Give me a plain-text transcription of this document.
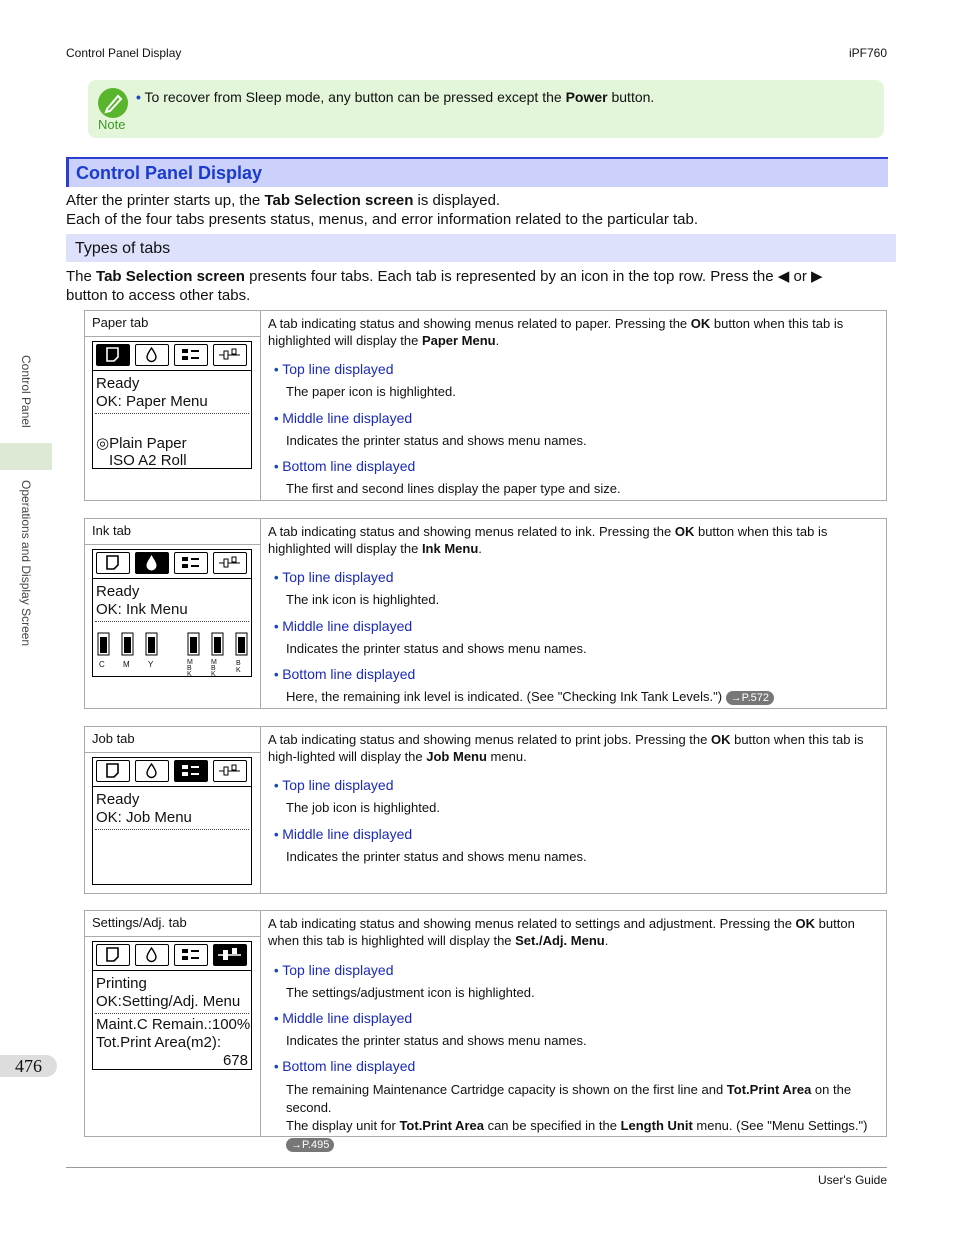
Control Panel Display	iPF760
Note
• To recover from Sleep mode, any button can be pressed except the Power button.
Control Panel Display
After the printer starts up, the Tab Selection screen is displayed.
Each of the four tabs presents status, menus, and error information related to the particular tab.
Types of tabs
The Tab Selection screen presents four tabs. Each tab is represented by an icon in the top row. Press the ◀ or ▶
button to access other tabs.
Paper tab
Ready
OK: Paper Menu
◎Plain Paper
ISO A2 Roll
A tab indicating status and showing menus related to paper. Pressing the OK button when this tab is highlighted will display the Paper Menu.
• Top line displayed
The paper icon is highlighted.
• Middle line displayed
Indicates the printer status and shows menu names.
• Bottom line displayed
The first and second lines display the paper type and size.
Ink tab
Ready
OK: Ink Menu
C M Y	MBK
MBK
BK
A tab indicating status and showing menus related to ink. Pressing the OK button when this tab is highlighted will display the Ink Menu.
• Top line displayed
The ink icon is highlighted.
• Middle line displayed
Indicates the printer status and shows menu names.
• Bottom line displayed
Here, the remaining ink level is indicated. (See "Checking Ink Tank Levels.") →P.572
Job tab
Ready
OK: Job Menu
A tab indicating status and showing menus related to print jobs. Pressing the OK button when this tab is high-lighted will display the Job Menu menu.
• Top line displayed
The job icon is highlighted.
• Middle line displayed
Indicates the printer status and shows menu names.
Settings/Adj. tab
Printing
OK:Setting/Adj. Menu
Maint.C Remain.:100%
Tot.Print Area(m2):
678
A tab indicating status and showing menus related to settings and adjustment. Pressing the OK button when this tab is highlighted will display the Set./Adj. Menu.
• Top line displayed
The settings/adjustment icon is highlighted.
• Middle line displayed
Indicates the printer status and shows menu names.
• Bottom line displayed
The remaining Maintenance Cartridge capacity is shown on the first line and Tot.Print Area on the second.
The display unit for Tot.Print Area can be specified in the Length Unit menu. (See "Menu Settings.")
→P.495
Control Panel
Operations and Display Screen
476
User's Guide
